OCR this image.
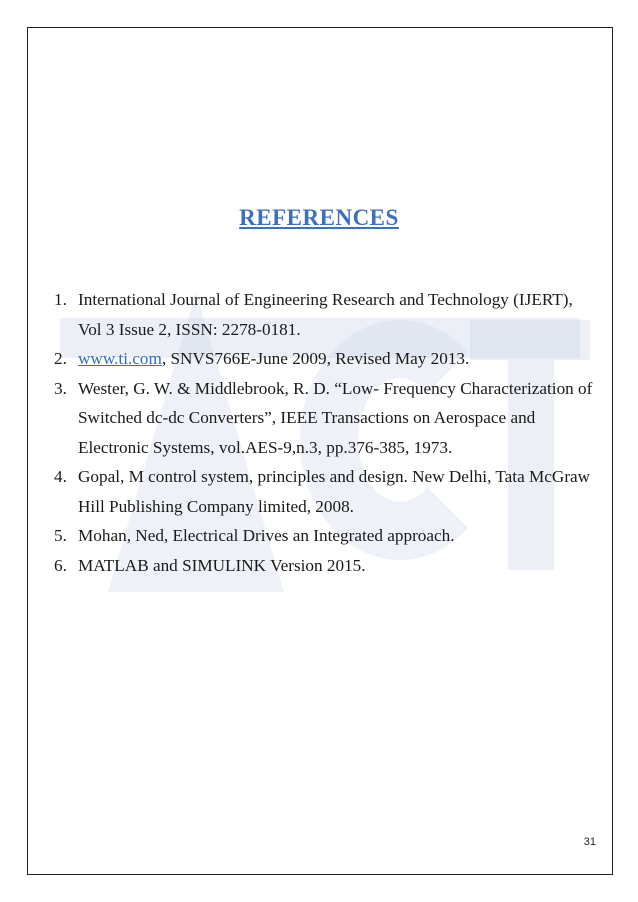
REFERENCES
1. International Journal of Engineering Research and Technology (IJERT), Vol 3 Issue 2, ISSN: 2278-0181.
2. www.ti.com, SNVS766E-June 2009, Revised May 2013.
3. Wester, G. W. & Middlebrook, R. D. “Low- Frequency Characterization of Switched dc-dc Converters”, IEEE Transactions on Aerospace and Electronic Systems, vol.AES-9,n.3, pp.376-385, 1973.
4. Gopal, M control system, principles and design. New Delhi, Tata McGraw Hill Publishing Company limited, 2008.
5. Mohan, Ned, Electrical Drives an Integrated approach.
6. MATLAB and SIMULINK Version 2015.
31
